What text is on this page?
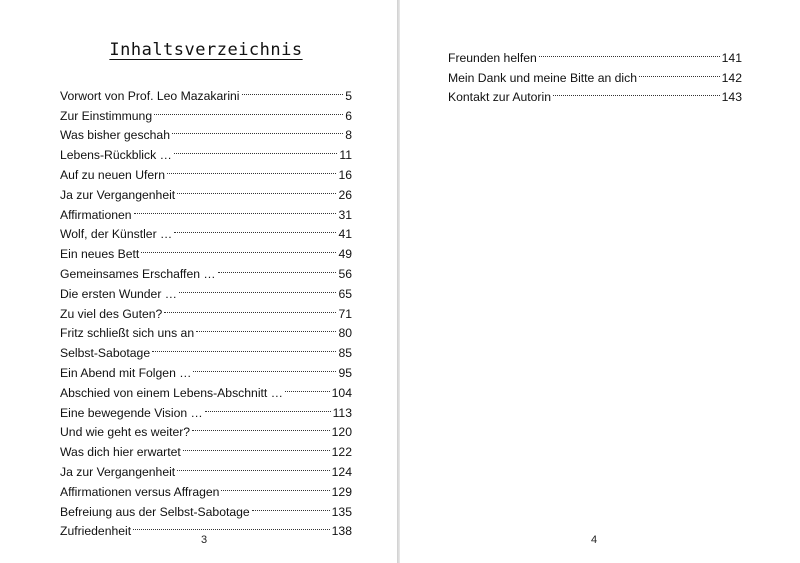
Inhaltsverzeichnis
Vorwort von Prof. Leo Mazakarini	5
Zur Einstimmung	6
Was bisher geschah	8
Lebens-Rückblick …	11
Auf zu neuen Ufern	16
Ja zur Vergangenheit	26
Affirmationen	31
Wolf, der Künstler …	41
Ein neues Bett	49
Gemeinsames Erschaffen …	56
Die ersten Wunder …	65
Zu viel des Guten?	71
Fritz schließt sich uns an	80
Selbst-Sabotage	85
Ein Abend mit Folgen …	95
Abschied von einem Lebens-Abschnitt …	104
Eine bewegende Vision …	113
Und wie geht es weiter?	120
Was dich hier erwartet	122
Ja zur Vergangenheit	124
Affirmationen versus Affragen	129
Befreiung aus der Selbst-Sabotage	135
Zufriedenheit	138
3
Freunden helfen	141
Mein Dank und meine Bitte an dich	142
Kontakt zur Autorin	143
4
